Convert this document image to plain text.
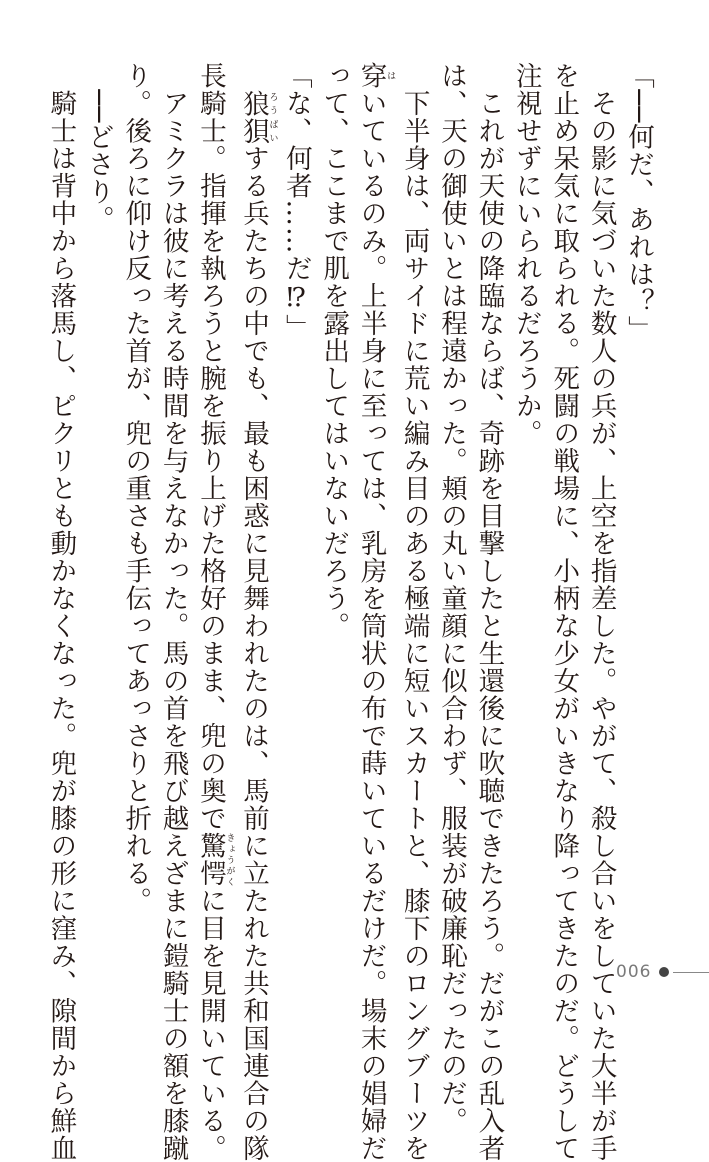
「──何だ、あれは？」
　その影に気づいた数人の兵が、上空を指差した。やがて、殺し合いをしていた大半が手
を止め呆気に取られる。死闘の戦場に、小柄な少女がいきなり降ってきたのだ。どうして
注視せずにいられるだろうか。
　これが天使の降臨ならば、奇跡を目撃したと生還後に吹聴できたろう。だがこの乱入者
は、天の御使いとは程遠かった。頬の丸い童顔に似合わず、服装が破廉恥だったのだ。
　下半身は、両サイドに荒い編み目のある極端に短いスカートと、膝下のロングブーツを
穿はいているのみ。上半身に至っては、乳房を筒状の布で蒔いているだけだ。場末の娼婦だ
って、ここまで肌を露出してはいないだろう。
「な、何者……だ⁉」
　狼狽ろうばいする兵たちの中でも、最も困惑に見舞われたのは、馬前に立たれた共和国連合の隊
長騎士。指揮を執ろうと腕を振り上げた格好のまま、兜の奥で驚愕きょうがくに目を見開いている。
　アミクラは彼に考える時間を与えなかった。馬の首を飛び越えざまに鎧騎士の額を膝蹴
り。後ろに仰け反った首が、兜の重さも手伝ってあっさりと折れる。
　──どさり。
　騎士は背中から落馬し、ピクリとも動かなくなった。兜が膝の形に窪み、隙間から鮮血	006
